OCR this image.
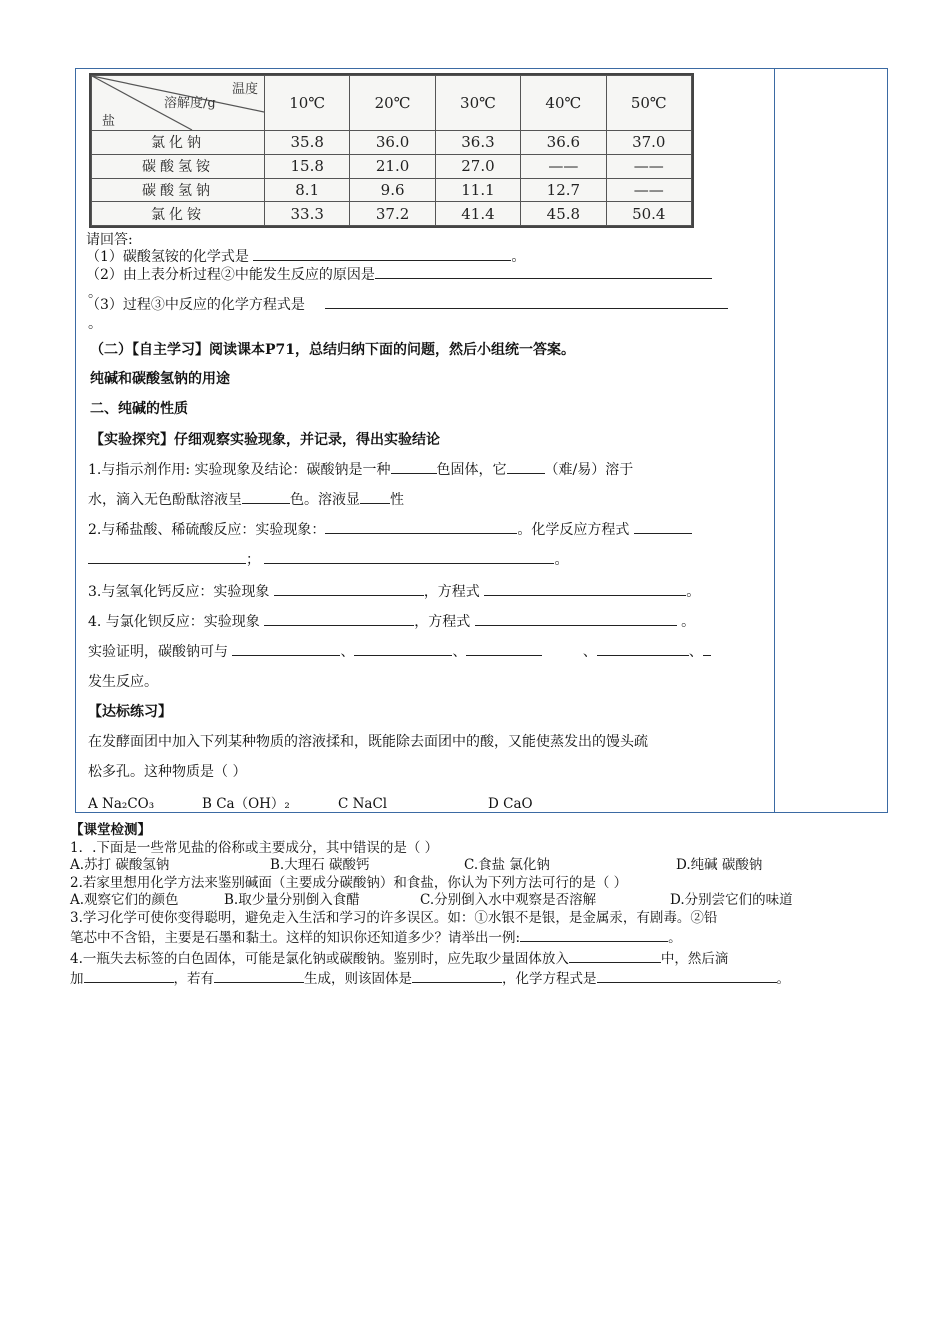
温度
溶解度/g
盐	10℃	20℃	30℃	40℃	50℃
氯化钠	35.8	36.0	36.3	36.6	37.0
碳酸氢铵	15.8	21.0	27.0	——	——
碳酸氢钠	8.1	9.6	11.1	12.7	——
氯化铵	33.3	37.2	41.4	45.8	50.4
请回答:
（1）碳酸氢铵的化学式是	。
（2）由上表分析过程②中能发生反应的原因是
。
（3）过程③中反应的化学方程式是
。
（二）【自主学习】阅读课本P71，总结归纳下面的问题，然后小组统一答案。
纯碱和碳酸氢钠的用途
二、纯碱的性质
【实验探究】仔细观察实验现象，并记录，得出实验结论
1.与指示剂作用: 实验现象及结论：碳酸钠是一种	色固体，它	（难/易）溶于
水，滴入无色酚酞溶液呈	色。溶液显 性
2.与稀盐酸、稀硫酸反应：实验现象：	。化学反应方程式
；	。
3.与氢氧化钙反应：实验现象	，方程式	。
4. 与氯化钡反应：实验现象	，方程式	。
实验证明，碳酸钠可与	、	、	、	、
发生反应。
【达标练习】
在发酵面团中加入下列某种物质的溶液揉和，既能除去面团中的酸，又能使蒸发出的馒头疏
松多孔。这种物质是（ ）
A Na₂CO₃	B Ca（OH）₂	C NaCl	D CaO
【课堂检测】
1．.下面是一些常见盐的俗称或主要成分，其中错误的是（ ）
A.苏打 碳酸氢钠	B.大理石 碳酸钙	C.食盐 氯化钠	D.纯碱 碳酸钠
2.若家里想用化学方法来鉴别碱面（主要成分碳酸钠）和食盐，你认为下列方法可行的是（ ）
A.观察它们的颜色	B.取少量分别倒入食醋	C.分别倒入水中观察是否溶解	D.分别尝它们的味道
3.学习化学可使你变得聪明，避免走入生活和学习的许多误区。如：①水银不是银，是金属汞，有剧毒。②铅
笔芯中不含铅，主要是石墨和黏土。这样的知识你还知道多少？请举出一例:	。
4.一瓶失去标签的白色固体，可能是氯化钠或碳酸钠。鉴别时，应先取少量固体放入	中，然后滴
加	，若有	生成，则该固体是	，化学方程式是	。
